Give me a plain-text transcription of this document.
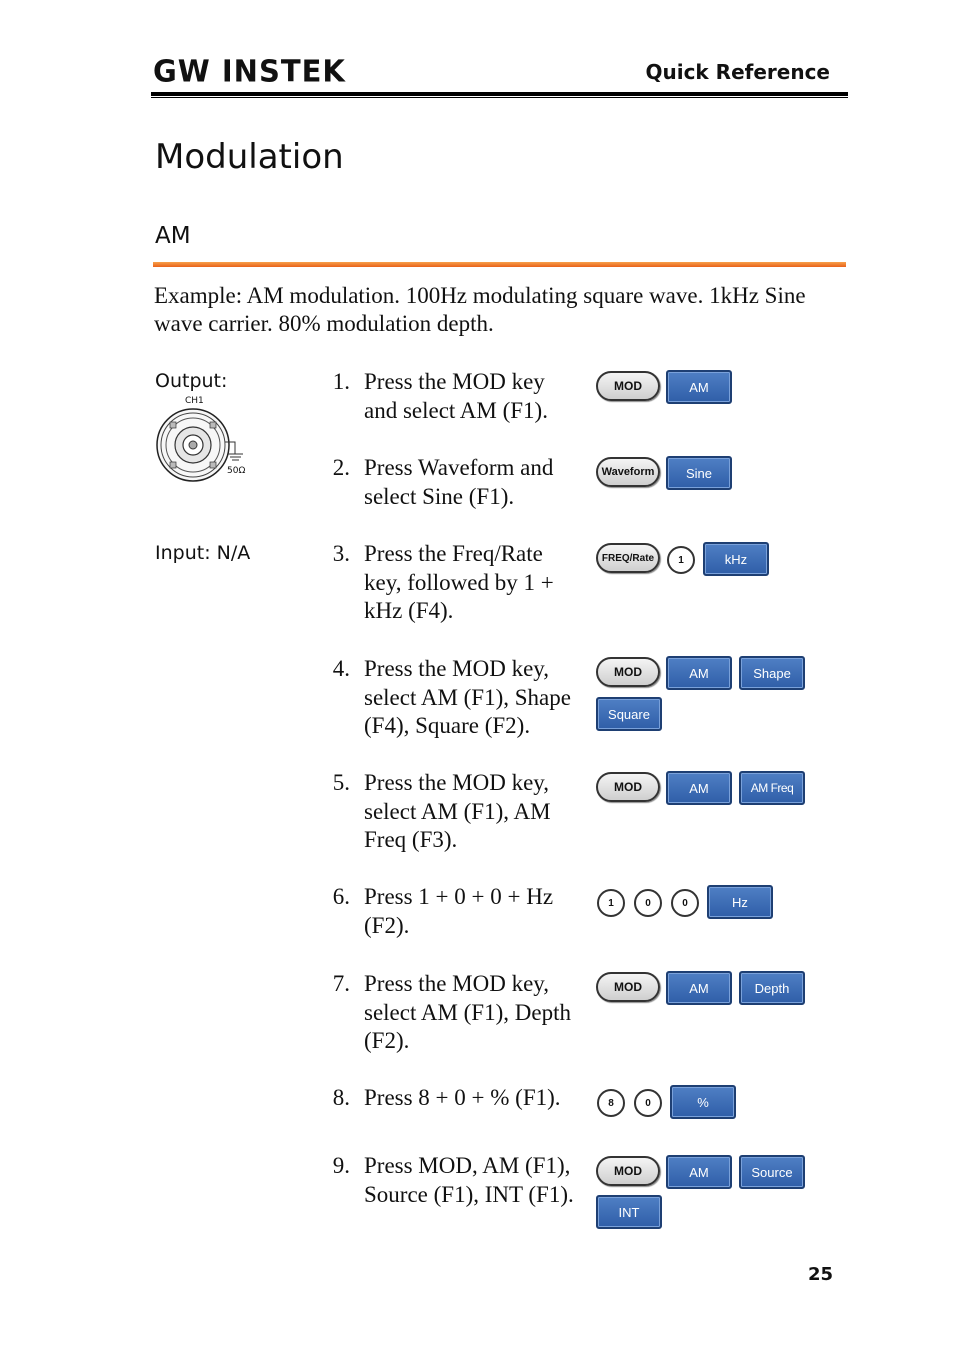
GW INSTEK	Quick Reference
Modulation
AM
Example: AM modulation. 100Hz modulating square wave. 1kHz Sine wave carrier. 80% modulation depth.
Output:
CH1
50Ω
Input: N/A
1. Press the MOD key
and select AM (F1).
2. Press Waveform and
select Sine (F1).
3. Press the Freq/Rate
key, followed by 1 +
kHz (F4).
4. Press the MOD key,
select AM (F1), Shape
(F4), Square (F2).
5. Press the MOD key,
select AM (F1), AM
Freq (F3).
6. Press 1 + 0 + 0 + Hz
(F2).
7. Press the MOD key,
select AM (F1), Depth
(F2).
8. Press 8 + 0 + % (F1).
9. Press MOD, AM (F1),
Source (F1), INT (F1).
MOD	AM
Waveform	Sine
FREQ/Rate	1	kHz
MOD	AM	Shape
Square
MOD	AM	AM Freq
1	0	0	Hz
MOD	AM	Depth
8	0	%
MOD	AM	Source
INT
25
